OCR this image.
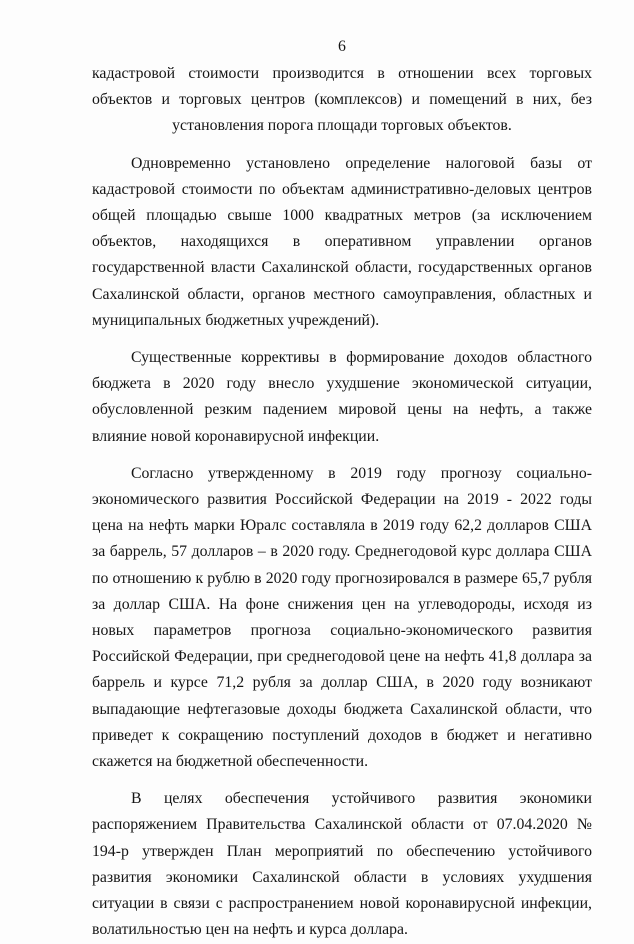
6

кадастровой стоимости производится в отношении всех торговых объектов и торговых центров (комплексов) и помещений в них, без установления порога площади торговых объектов.

Одновременно установлено определение налоговой базы от кадастровой стоимости по объектам административно-деловых центров общей площадью свыше 1000 квадратных метров (за исключением объектов, находящихся в оперативном управлении органов государственной власти Сахалинской области, государственных органов Сахалинской области, органов местного самоуправления, областных и муниципальных бюджетных учреждений).

Существенные коррективы в формирование доходов областного бюджета в 2020 году внесло ухудшение экономической ситуации, обусловленной резким падением мировой цены на нефть, а также влияние новой коронавирусной инфекции.

Согласно утвержденному в 2019 году прогнозу социально-экономического развития Российской Федерации на 2019 - 2022 годы цена на нефть марки Юралс составляла в 2019 году 62,2 долларов США за баррель, 57 долларов – в 2020 году. Среднегодовой курс доллара США по отношению к рублю в 2020 году прогнозировался в размере 65,7 рубля за доллар США. На фоне снижения цен на углеводороды, исходя из новых параметров прогноза социально-экономического развития Российской Федерации, при среднегодовой цене на нефть 41,8 доллара за баррель и курсе 71,2 рубля за доллар США, в 2020 году возникают выпадающие нефтегазовые доходы бюджета Сахалинской области, что приведет к сокращению поступлений доходов в бюджет и негативно скажется на бюджетной обеспеченности.

В целях обеспечения устойчивого развития экономики распоряжением Правительства Сахалинской области от 07.04.2020 № 194-р утвержден План мероприятий по обеспечению устойчивого развития экономики Сахалинской области в условиях ухудшения ситуации в связи с распространением новой коронавирусной инфекции, волатильностью цен на нефть и курса доллара.
